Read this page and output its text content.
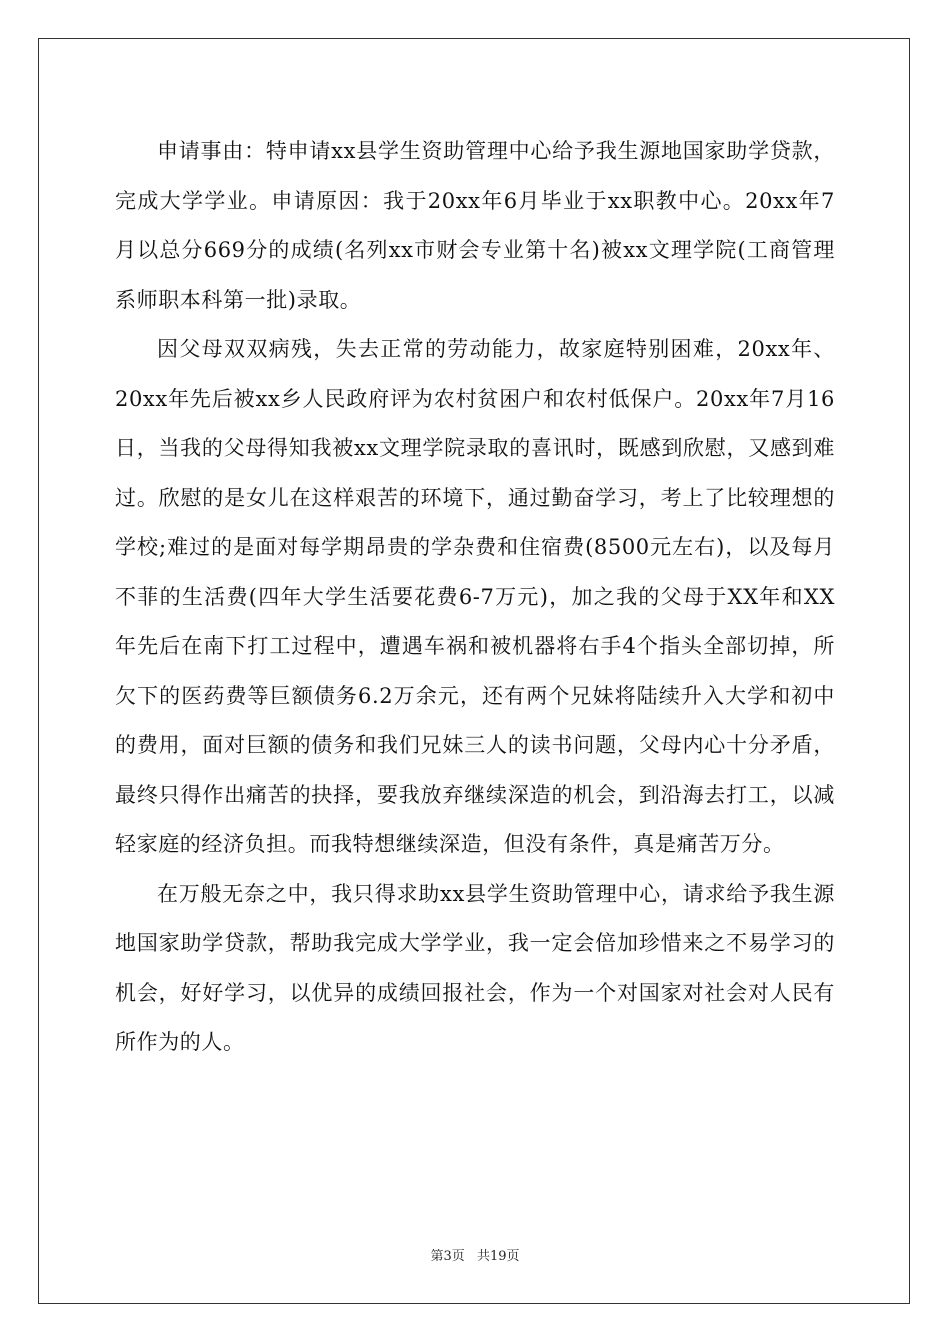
申请事由：特申请xx县学生资助管理中心给予我生源地国家助学贷款，完成大学学业。申请原因：我于20xx年6月毕业于xx职教中心。20xx年7月以总分669分的成绩(名列xx市财会专业第十名)被xx文理学院(工商管理系师职本科第一批)录取。

因父母双双病残，失去正常的劳动能力，故家庭特别困难，20xx年、20xx年先后被xx乡人民政府评为农村贫困户和农村低保户。20xx年7月16日，当我的父母得知我被xx文理学院录取的喜讯时，既感到欣慰，又感到难过。欣慰的是女儿在这样艰苦的环境下，通过勤奋学习，考上了比较理想的学校;难过的是面对每学期昂贵的学杂费和住宿费(8500元左右)，以及每月不菲的生活费(四年大学生活要花费6-7万元)，加之我的父母于XX年和XX年先后在南下打工过程中，遭遇车祸和被机器将右手4个指头全部切掉，所欠下的医药费等巨额债务6.2万余元，还有两个兄妹将陆续升入大学和初中的费用，面对巨额的债务和我们兄妹三人的读书问题，父母内心十分矛盾，最终只得作出痛苦的抉择，要我放弃继续深造的机会，到沿海去打工，以减轻家庭的经济负担。而我特想继续深造，但没有条件，真是痛苦万分。

在万般无奈之中，我只得求助xx县学生资助管理中心，请求给予我生源地国家助学贷款，帮助我完成大学学业，我一定会倍加珍惜来之不易学习的机会，好好学习，以优异的成绩回报社会，作为一个对国家对社会对人民有所作为的人。

第3页 共19页
